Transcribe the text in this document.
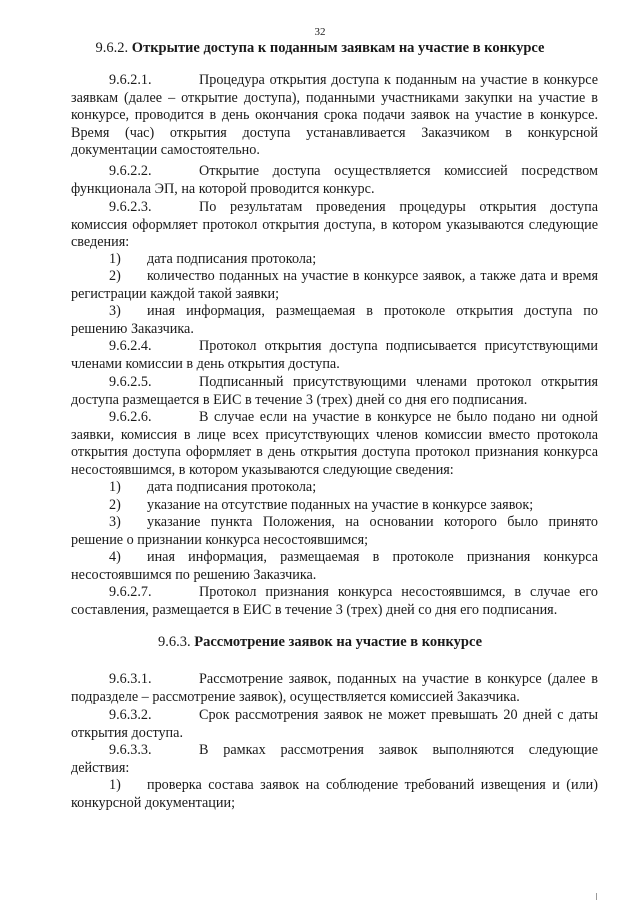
32
9.6.2. Открытие доступа к поданным заявкам на участие в конкурсе

9.6.2.1.	Процедура открытия доступа к поданным на участие в конкурсе заявкам (далее – открытие доступа), поданными участниками закупки на участие в конкурсе, проводится в день окончания срока подачи заявок на участие в конкурсе. Время (час) открытия доступа устанавливается Заказчиком в конкурсной документации самостоятельно.

9.6.2.2.	Открытие доступа осуществляется комиссией посредством функционала ЭП, на которой проводится конкурс.

9.6.2.3.	По результатам проведения процедуры открытия доступа комиссия оформляет протокол открытия доступа, в котором указываются следующие сведения:

1) дата подписания протокола;

2) количество поданных на участие в конкурсе заявок, а также дата и время регистрации каждой такой заявки;

3) иная информация, размещаемая в протоколе открытия доступа по решению Заказчика.

9.6.2.4.	Протокол открытия доступа подписывается присутствующими членами комиссии в день открытия доступа.

9.6.2.5.	Подписанный присутствующими членами протокол открытия доступа размещается в ЕИС в течение 3 (трех) дней со дня его подписания.

9.6.2.6.	В случае если на участие в конкурсе не было подано ни одной заявки, комиссия в лице всех присутствующих членов комиссии вместо протокола открытия доступа оформляет в день открытия доступа протокол признания конкурса несостоявшимся, в котором указываются следующие сведения:

1) дата подписания протокола;

2) указание на отсутствие поданных на участие в конкурсе заявок;

3) указание пункта Положения, на основании которого было принято решение о признании конкурса несостоявшимся;

4) иная информация, размещаемая в протоколе признания конкурса несостоявшимся по решению Заказчика.

9.6.2.7.	Протокол признания конкурса несостоявшимся, в случае его составления, размещается в ЕИС в течение 3 (трех) дней со дня его подписания.

9.6.3. Рассмотрение заявок на участие в конкурсе

9.6.3.1.	Рассмотрение заявок, поданных на участие в конкурсе (далее в подразделе – рассмотрение заявок), осуществляется комиссией Заказчика.

9.6.3.2.	Срок рассмотрения заявок не может превышать 20 дней с даты открытия доступа.

9.6.3.3.	В рамках рассмотрения заявок выполняются следующие действия:

1) проверка состава заявок на соблюдение требований извещения и (или) конкурсной документации;
